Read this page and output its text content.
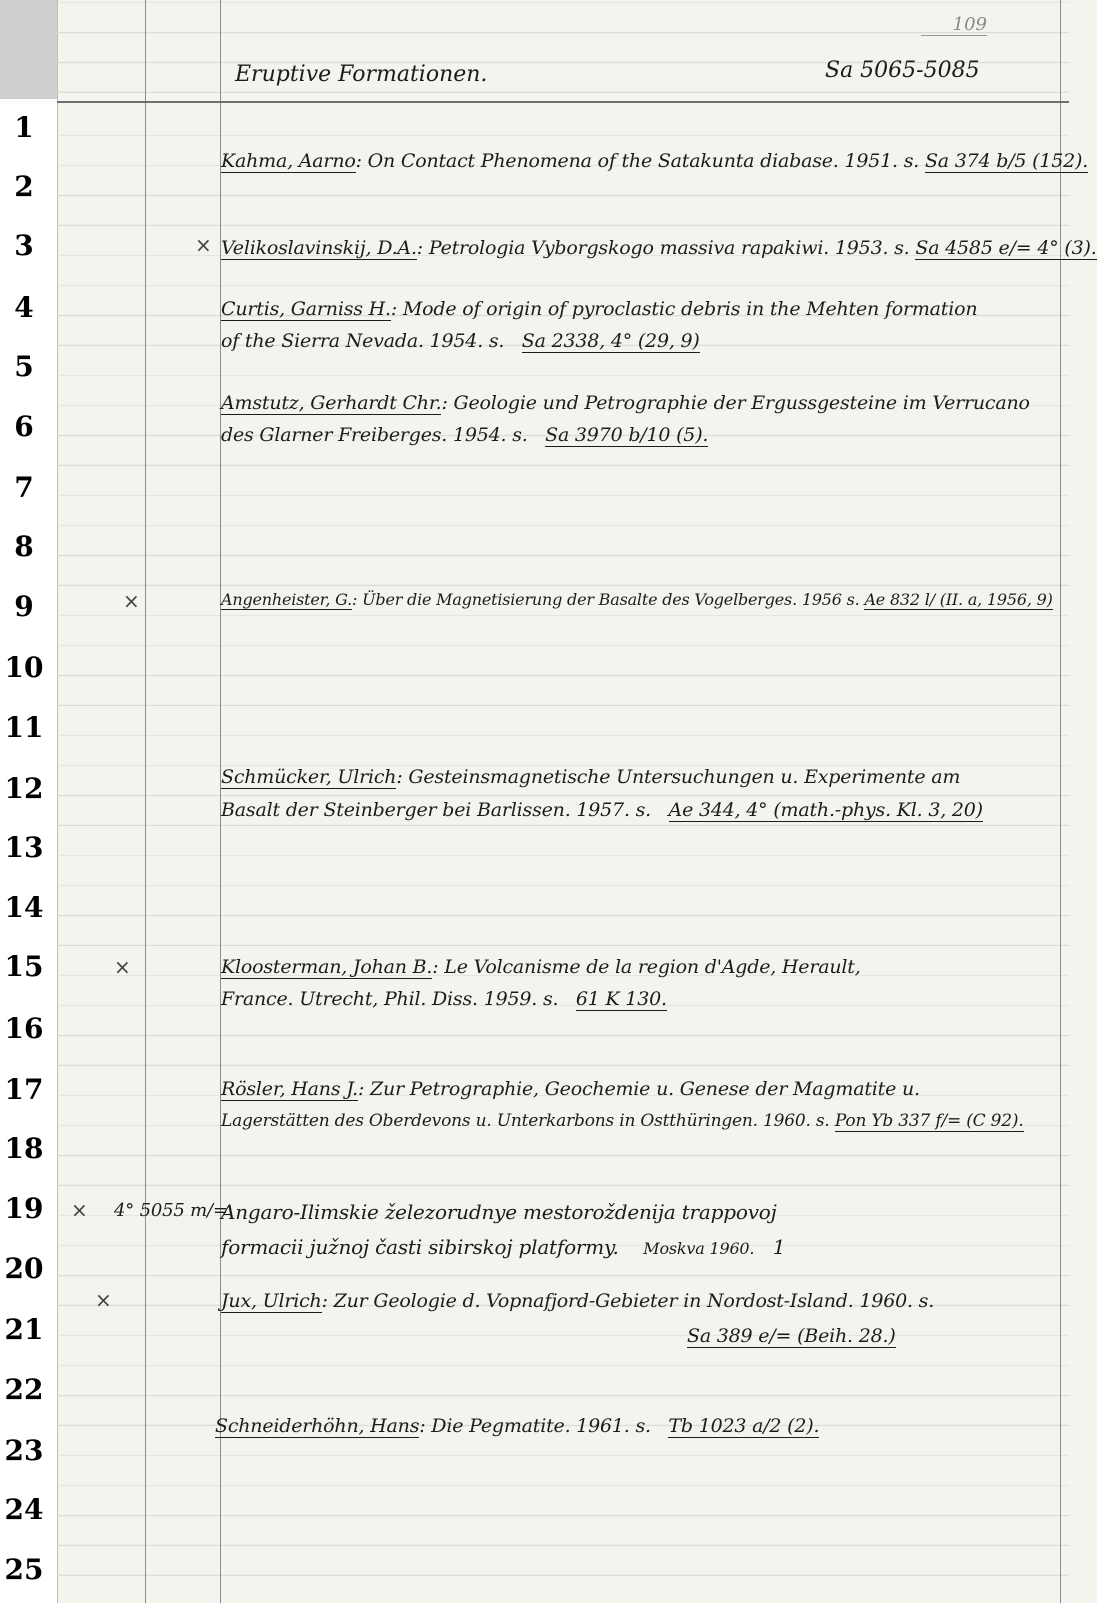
1
2
3
4
5
6
7
8
9
10
11
12
13
14
15
16
17
18
19
20
21
22
23
24
25
109
Eruptive Formationen.	Sa 5065-5085
Kahma, Aarno: On Contact Phenomena of the Satakunta diabase. 1951. s. Sa 374 b/5 (152).
× Velikoslavinskij, D.A.: Petrologia Vyborgskogo massiva rapakiwi. 1953. s. Sa 4585 e/= 4° (3).
Curtis, Garniss H.: Mode of origin of pyroclastic debris in the Mehten formation
of the Sierra Nevada. 1954. s. Sa 2338, 4° (29, 9)
Amstutz, Gerhardt Chr.: Geologie und Petrographie der Ergussgesteine im Verrucano
des Glarner Freiberges. 1954. s. Sa 3970 b/10 (5).
×	Angenheister, G.: Über die Magnetisierung der Basalte des Vogelberges. 1956 s. Ae 832 l/ (II. a, 1956, 9)
Schmücker, Ulrich: Gesteinsmagnetische Untersuchungen u. Experimente am
Basalt der Steinberger bei Barlissen. 1957. s. Ae 344, 4° (math.-phys. Kl. 3, 20)
×	Kloosterman, Johan B.: Le Volcanisme de la region d'Agde, Herault,
France. Utrecht, Phil. Diss. 1959. s. 61 K 130.
Rösler, Hans J.: Zur Petrographie, Geochemie u. Genese der Magmatite u.
Lagerstätten des Oberdevons u. Unterkarbons in Ostthüringen. 1960. s. Pon Yb 337 f/= (C 92).
× 4° 5055 m/=
Angaro-Ilimskie železorudnye mestoroždenija trappovoj
formacii južnoj časti sibirskoj platformy. Moskva 1960. 1
×	Jux, Ulrich: Zur Geologie d. Vopnafjord-Gebieter in Nordost-Island. 1960. s.
Sa 389 e/= (Beih. 28.)
Schneiderhöhn, Hans: Die Pegmatite. 1961. s. Tb 1023 a/2 (2).
